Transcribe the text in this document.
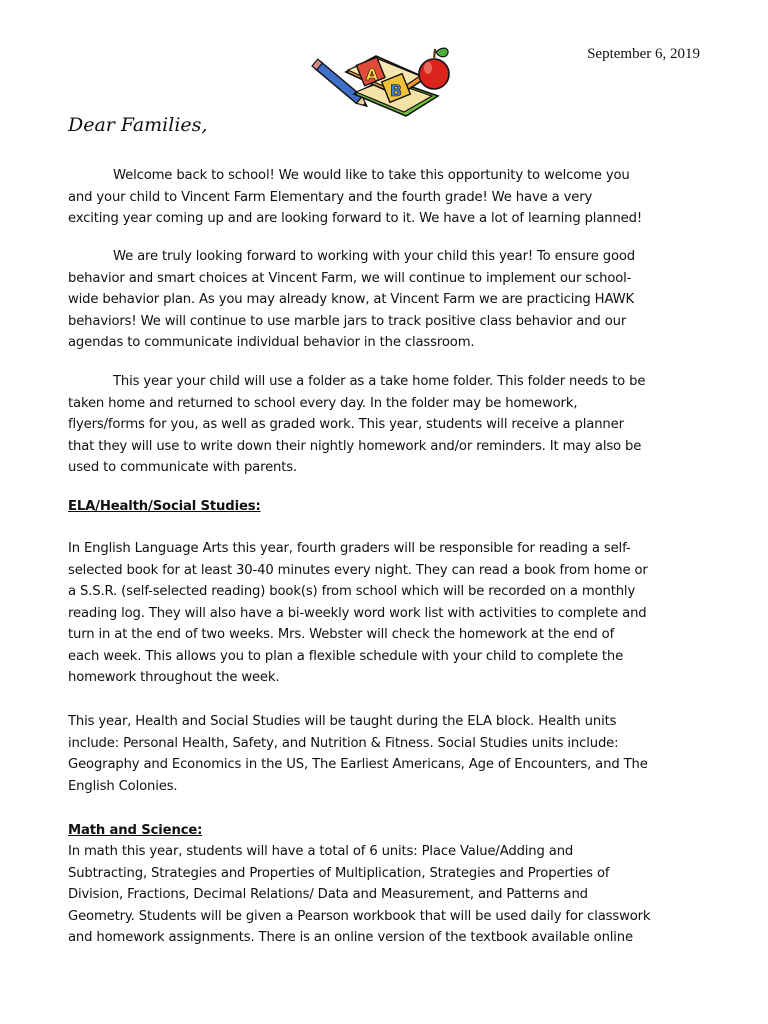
September 6, 2019
A
B
Dear Families,
Welcome back to school! We would like to take this opportunity to welcome you
and your child to Vincent Farm Elementary and the fourth grade! We have a very
exciting year coming up and are looking forward to it. We have a lot of learning planned!
We are truly looking forward to working with your child this year! To ensure good
behavior and smart choices at Vincent Farm, we will continue to implement our school-
wide behavior plan. As you may already know, at Vincent Farm we are practicing HAWK
behaviors! We will continue to use marble jars to track positive class behavior and our
agendas to communicate individual behavior in the classroom.
This year your child will use a folder as a take home folder. This folder needs to be
taken home and returned to school every day. In the folder may be homework,
flyers/forms for you, as well as graded work. This year, students will receive a planner
that they will use to write down their nightly homework and/or reminders. It may also be
used to communicate with parents.
ELA/Health/Social Studies:
In English Language Arts this year, fourth graders will be responsible for reading a self-
selected book for at least 30-40 minutes every night. They can read a book from home or
a S.S.R. (self-selected reading) book(s) from school which will be recorded on a monthly
reading log. They will also have a bi-weekly word work list with activities to complete and
turn in at the end of two weeks. Mrs. Webster will check the homework at the end of
each week. This allows you to plan a flexible schedule with your child to complete the
homework throughout the week.
This year, Health and Social Studies will be taught during the ELA block. Health units
include: Personal Health, Safety, and Nutrition & Fitness. Social Studies units include:
Geography and Economics in the US, The Earliest Americans, Age of Encounters, and The
English Colonies.
Math and Science:
In math this year, students will have a total of 6 units: Place Value/Adding and
Subtracting, Strategies and Properties of Multiplication, Strategies and Properties of
Division, Fractions, Decimal Relations/ Data and Measurement, and Patterns and
Geometry. Students will be given a Pearson workbook that will be used daily for classwork
and homework assignments. There is an online version of the textbook available online
